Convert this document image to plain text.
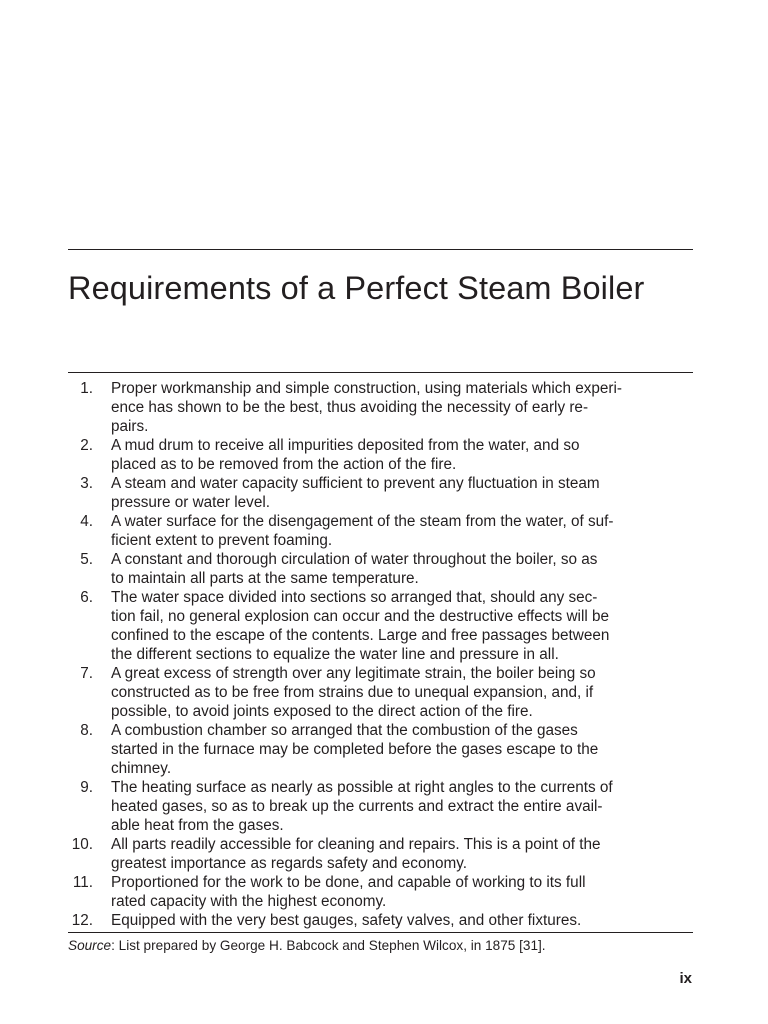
Requirements of a Perfect Steam Boiler
1. Proper workmanship and simple construction, using materials which experi-
ence has shown to be the best, thus avoiding the necessity of early re-
pairs.
2. A mud drum to receive all impurities deposited from the water, and so
placed as to be removed from the action of the fire.
3. A steam and water capacity sufficient to prevent any fluctuation in steam
pressure or water level.
4. A water surface for the disengagement of the steam from the water, of suf-
ficient extent to prevent foaming.
5. A constant and thorough circulation of water throughout the boiler, so as
to maintain all parts at the same temperature.
6. The water space divided into sections so arranged that, should any sec-
tion fail, no general explosion can occur and the destructive effects will be
confined to the escape of the contents. Large and free passages between
the different sections to equalize the water line and pressure in all.
7. A great excess of strength over any legitimate strain, the boiler being so
constructed as to be free from strains due to unequal expansion, and, if
possible, to avoid joints exposed to the direct action of the fire.
8. A combustion chamber so arranged that the combustion of the gases
started in the furnace may be completed before the gases escape to the
chimney.
9. The heating surface as nearly as possible at right angles to the currents of
heated gases, so as to break up the currents and extract the entire avail-
able heat from the gases.
10. All parts readily accessible for cleaning and repairs. This is a point of the
greatest importance as regards safety and economy.
11. Proportioned for the work to be done, and capable of working to its full
rated capacity with the highest economy.
12. Equipped with the very best gauges, safety valves, and other fixtures.
Source: List prepared by George H. Babcock and Stephen Wilcox, in 1875 [31].
ix
